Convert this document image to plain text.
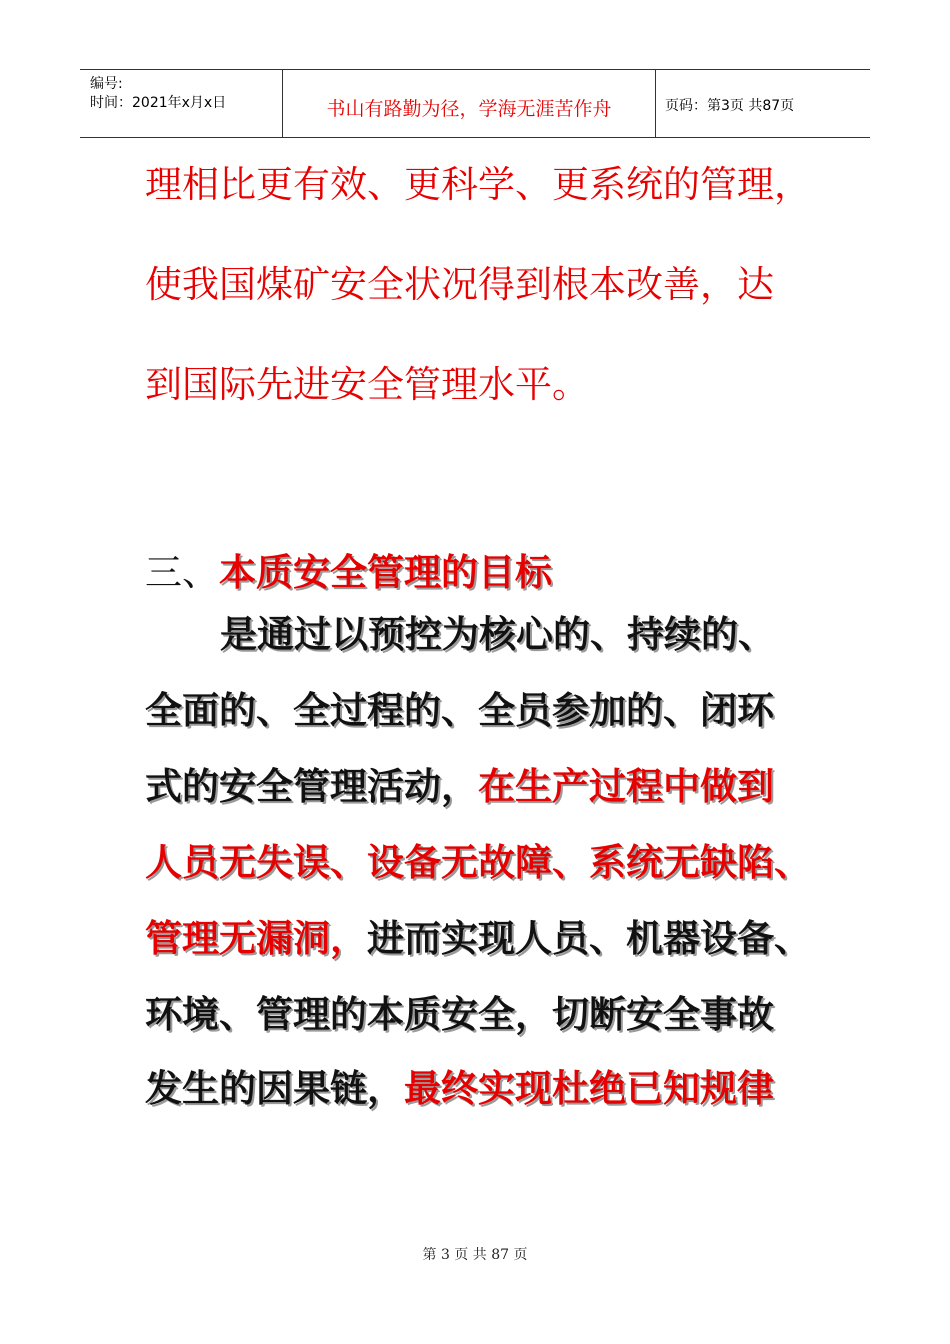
编号:
时间：2021年x月x日	书山有路勤为径，学海无涯苦作舟	页码：第3页 共87页
理相比更有效、更科学、更系统的管理，
使我国煤矿安全状况得到根本改善，达
到国际先进安全管理水平。
三、本质安全管理的目标
是通过以预控为核心的、持续的、
全面的、全过程的、全员参加的、闭环
式的安全管理活动，在生产过程中做到
人员无失误、设备无故障、系统无缺陷、
管理无漏洞，进而实现人员、机器设备、
环境、管理的本质安全，切断安全事故
发生的因果链，最终实现杜绝已知规律
第 3 页 共 87 页
